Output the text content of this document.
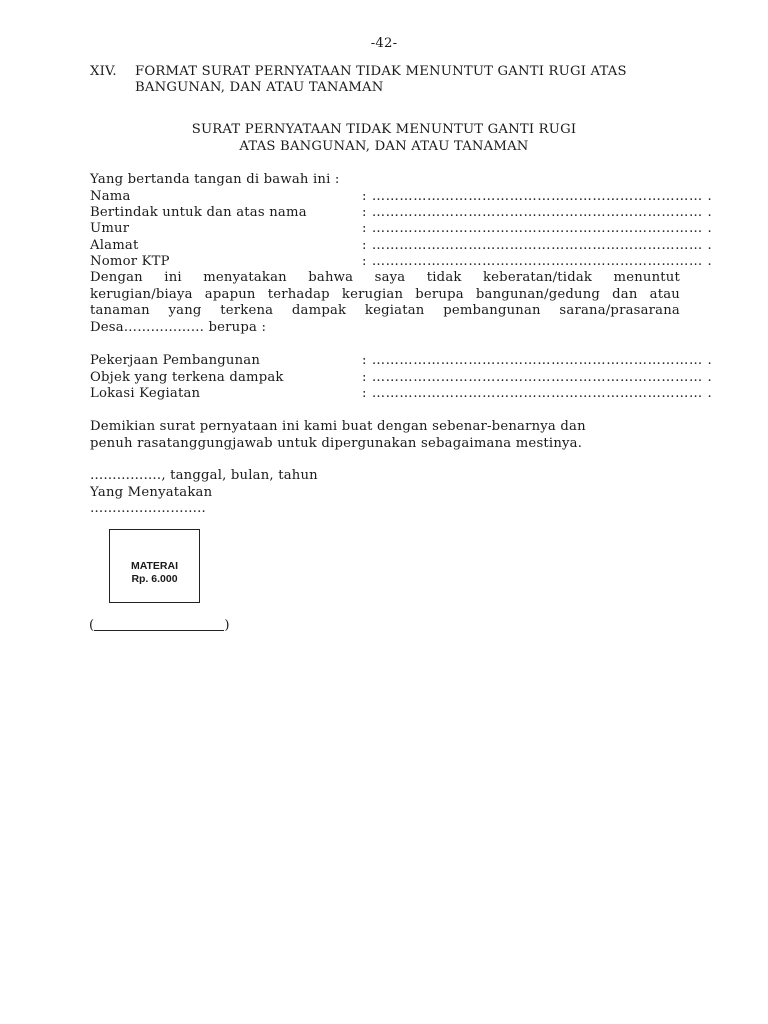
-42-
XIV. FORMAT SURAT PERNYATAAN TIDAK MENUNTUT GANTI RUGI ATAS
BANGUNAN, DAN ATAU TANAMAN
SURAT PERNYATAAN TIDAK MENUNTUT GANTI RUGI
ATAS BANGUNAN, DAN ATAU TANAMAN
Yang bertanda tangan di bawah ini :
Nama	: ……………………………………………………………… .
Bertindak untuk dan atas nama	: ……………………………………………………………… .
Umur	: ……………………………………………………………… .
Alamat	: ……………………………………………………………… .
Nomor KTP	: ……………………………………………………………… .
Dengan ini menyatakan bahwa saya tidak keberatan/tidak menuntut
kerugian/biaya apapun terhadap kerugian berupa bangunan/gedung dan atau
tanaman yang terkena dampak kegiatan pembangunan sarana/prasarana
Desa……………… berupa :
Pekerjaan Pembangunan	: ……………………………………………………………… .
Objek yang terkena dampak	: ……………………………………………………………… .
Lokasi Kegiatan	: ……………………………………………………………… .
Demikian surat pernyataan ini kami buat dengan sebenar-benarnya dan
penuh rasatanggungjawab untuk dipergunakan sebagaimana mestinya.
……………., tanggal, bulan, tahun
Yang Menyatakan
……………………..
MATERAI
Rp. 6.000
(	)
